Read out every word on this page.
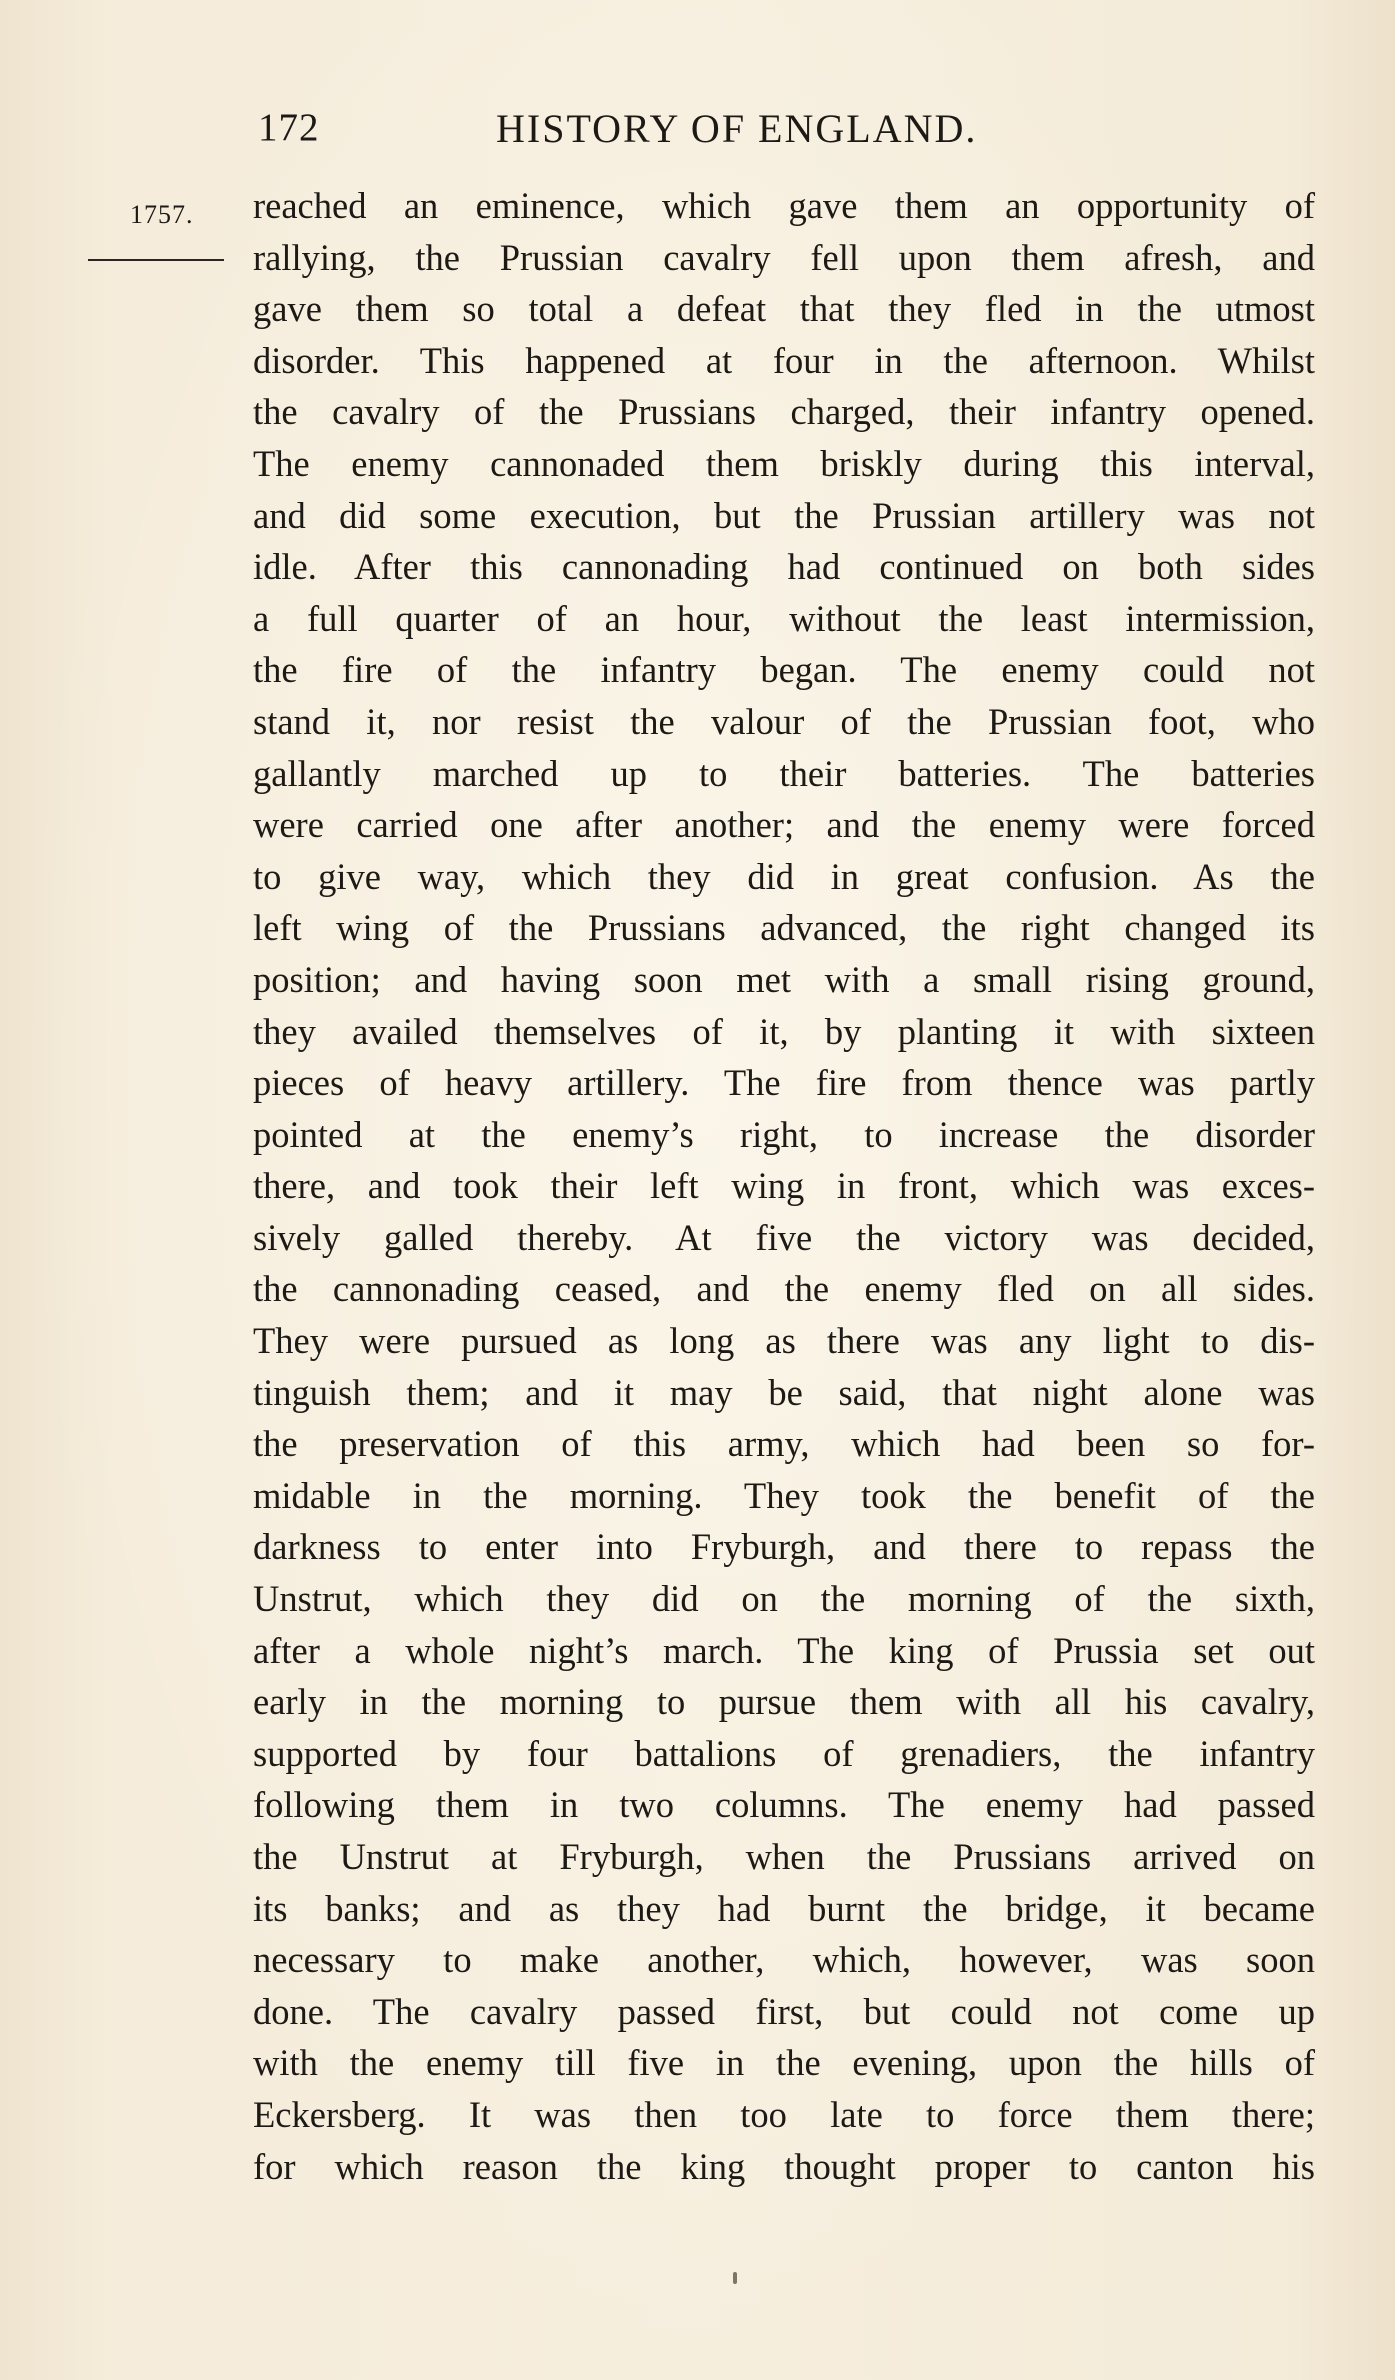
172	HISTORY OF ENGLAND.
1757. reached an eminence, which gave them an opportunity of
rallying, the Prussian cavalry fell upon them afresh, and
gave them so total a defeat that they fled in the utmost
disorder. This happened at four in the afternoon. Whilst
the cavalry of the Prussians charged, their infantry opened.
The enemy cannonaded them briskly during this interval,
and did some execution, but the Prussian artillery was not
idle. After this cannonading had continued on both sides
a full quarter of an hour, without the least intermission,
the fire of the infantry began. The enemy could not
stand it, nor resist the valour of the Prussian foot, who
gallantly marched up to their batteries. The batteries
were carried one after another; and the enemy were forced
to give way, which they did in great confusion. As the
left wing of the Prussians advanced, the right changed its
position; and having soon met with a small rising ground,
they availed themselves of it, by planting it with sixteen
pieces of heavy artillery. The fire from thence was partly
pointed at the enemy’s right, to increase the disorder
there, and took their left wing in front, which was exces-
sively galled thereby. At five the victory was decided,
the cannonading ceased, and the enemy fled on all sides.
They were pursued as long as there was any light to dis-
tinguish them; and it may be said, that night alone was
the preservation of this army, which had been so for-
midable in the morning. They took the benefit of the
darkness to enter into Fryburgh, and there to repass the
Unstrut, which they did on the morning of the sixth,
after a whole night’s march. The king of Prussia set out
early in the morning to pursue them with all his cavalry,
supported by four battalions of grenadiers, the infantry
following them in two columns. The enemy had passed
the Unstrut at Fryburgh, when the Prussians arrived on
its banks; and as they had burnt the bridge, it became
necessary to make another, which, however, was soon
done. The cavalry passed first, but could not come up
with the enemy till five in the evening, upon the hills of
Eckersberg. It was then too late to force them there;
for which reason the king thought proper to canton his
